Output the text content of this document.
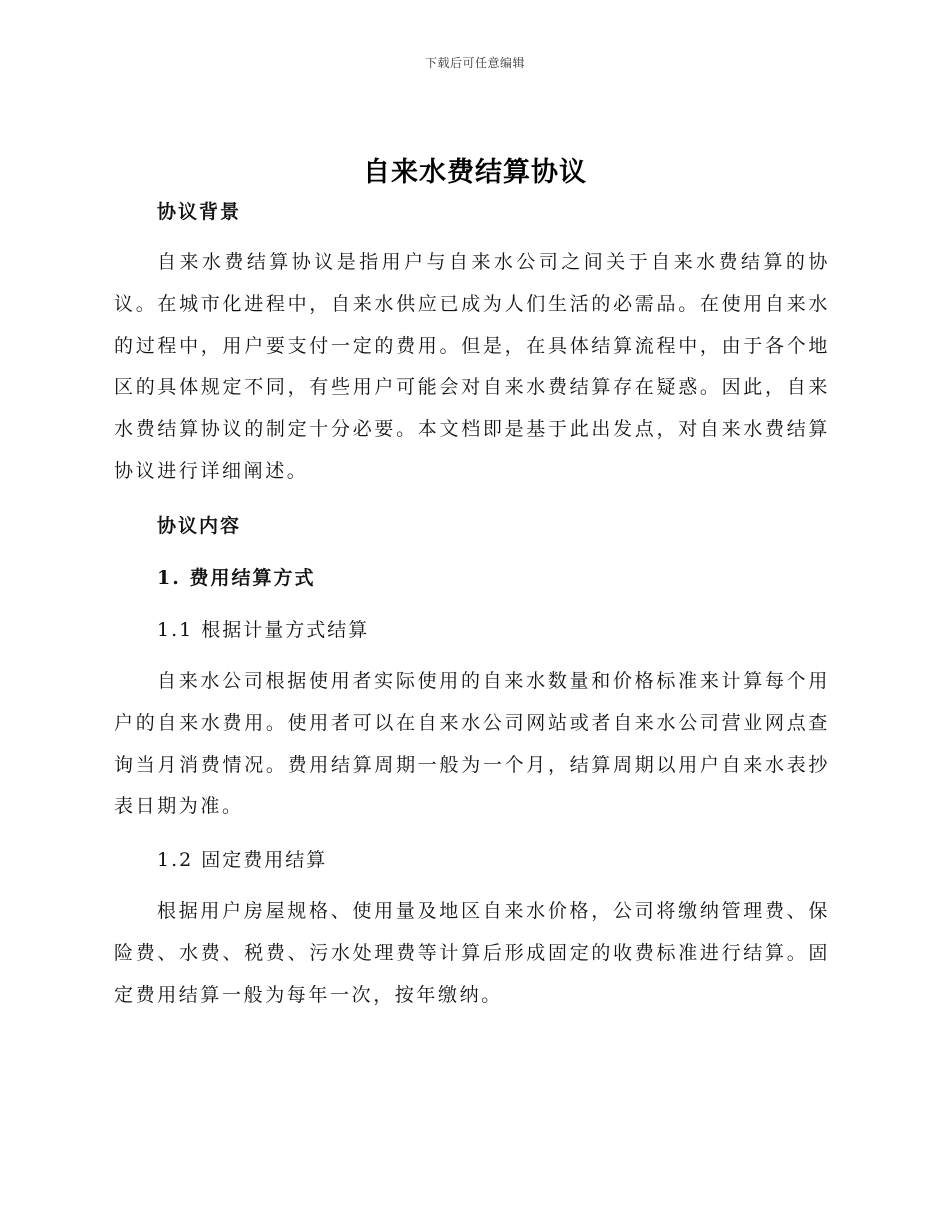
下载后可任意编辑
自来水费结算协议
协议背景

自来水费结算协议是指用户与自来水公司之间关于自来水费结算的协议。在城市化进程中，自来水供应已成为人们生活的必需品。在使用自来水的过程中，用户要支付一定的费用。但是，在具体结算流程中，由于各个地区的具体规定不同，有些用户可能会对自来水费结算存在疑惑。因此，自来水费结算协议的制定十分必要。本文档即是基于此出发点，对自来水费结算协议进行详细阐述。

协议内容
1. 费用结算方式
1.1 根据计量方式结算

自来水公司根据使用者实际使用的自来水数量和价格标准来计算每个用户的自来水费用。使用者可以在自来水公司网站或者自来水公司营业网点查询当月消费情况。费用结算周期一般为一个月，结算周期以用户自来水表抄表日期为准。

1.2 固定费用结算

根据用户房屋规格、使用量及地区自来水价格，公司将缴纳管理费、保险费、水费、税费、污水处理费等计算后形成固定的收费标准进行结算。固定费用结算一般为每年一次，按年缴纳。
